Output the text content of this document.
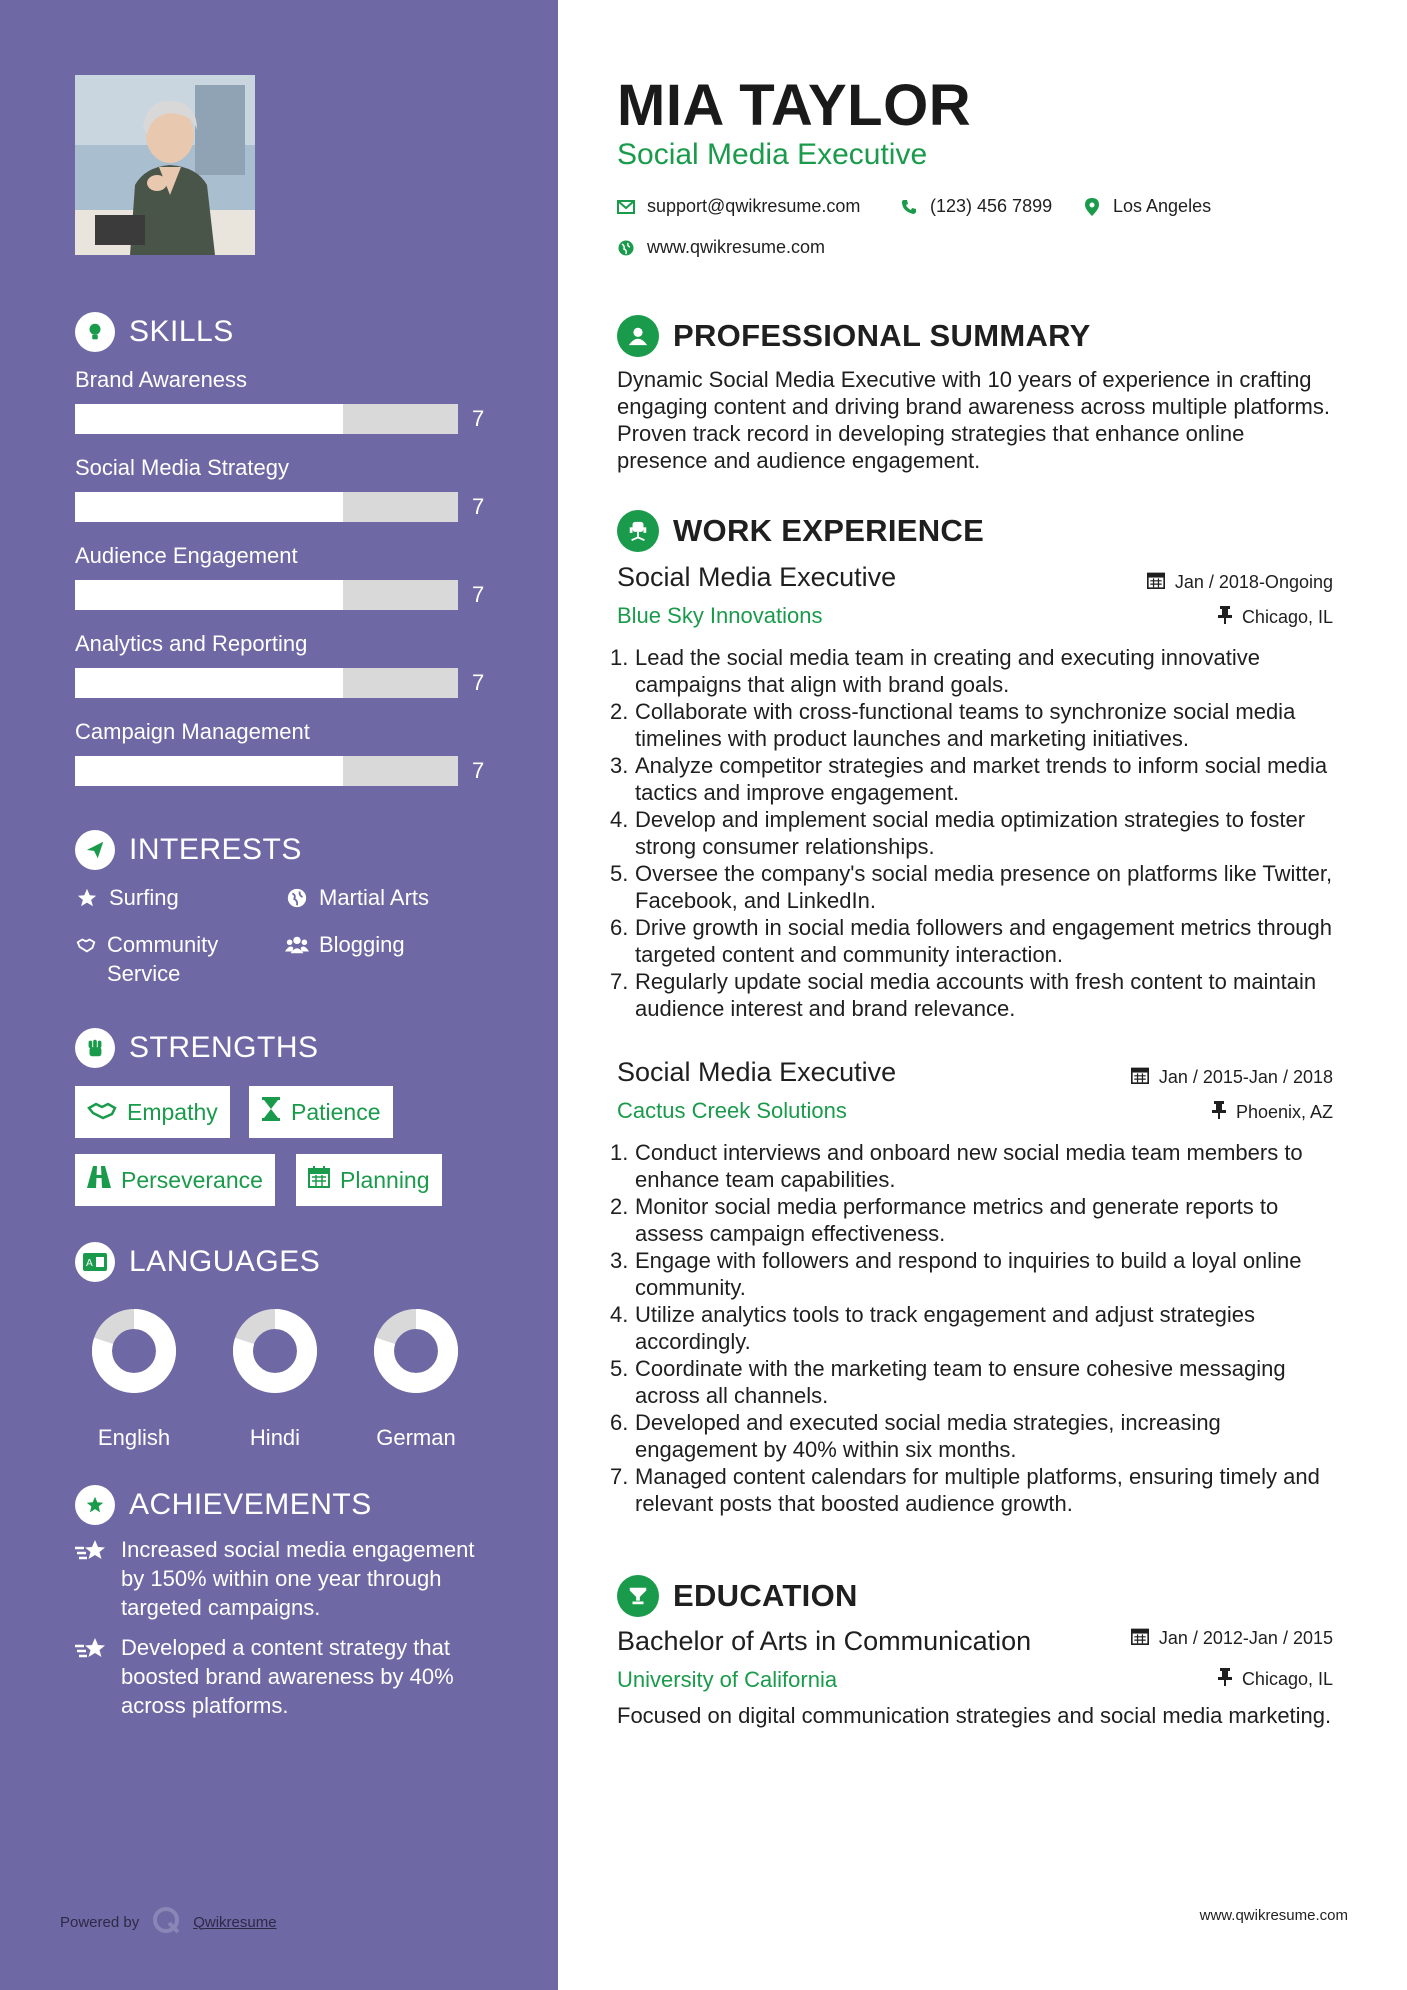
SKILLS
Brand Awareness
7
Social Media Strategy
7
Audience Engagement
7
Analytics and Reporting
7
Campaign Management
7
INTERESTS
Surfing	Martial Arts
Community Service
Blogging
STRENGTHS
Empathy	Patience
Perseverance	Planning
A LANGUAGES
English	Hindi	German
ACHIEVEMENTS
Increased social media engagement by 150% within one year through targeted campaigns.
Developed a content strategy that boosted brand awareness by 40% across platforms.
Powered by	Qwikresume
MIA TAYLOR
Social Media Executive
support@qwikresume.com	(123) 456 7899	Los Angeles
www.qwikresume.com
PROFESSIONAL SUMMARY
Dynamic Social Media Executive with 10 years of experience in crafting engaging content and driving brand awareness across multiple platforms. Proven track record in developing strategies that enhance online presence and audience engagement.
WORK EXPERIENCE
Social Media Executive	Jan / 2018-Ongoing
Blue Sky Innovations	Chicago, IL
1. Lead the social media team in creating and executing innovative campaigns that align with brand goals.
2. Collaborate with cross-functional teams to synchronize social media timelines with product launches and marketing initiatives.
3. Analyze competitor strategies and market trends to inform social media tactics and improve engagement.
4. Develop and implement social media optimization strategies to foster strong consumer relationships.
5. Oversee the company's social media presence on platforms like Twitter, Facebook, and LinkedIn.
6. Drive growth in social media followers and engagement metrics through targeted content and community interaction.
7. Regularly update social media accounts with fresh content to maintain audience interest and brand relevance.
Social Media Executive	Jan / 2015-Jan / 2018
Cactus Creek Solutions	Phoenix, AZ
1. Conduct interviews and onboard new social media team members to enhance team capabilities.
2. Monitor social media performance metrics and generate reports to assess campaign effectiveness.
3. Engage with followers and respond to inquiries to build a loyal online community.
4. Utilize analytics tools to track engagement and adjust strategies accordingly.
5. Coordinate with the marketing team to ensure cohesive messaging across all channels.
6. Developed and executed social media strategies, increasing engagement by 40% within six months.
7. Managed content calendars for multiple platforms, ensuring timely and relevant posts that boosted audience growth.
EDUCATION
Bachelor of Arts in Communication	Jan / 2012-Jan / 2015
University of California	Chicago, IL
Focused on digital communication strategies and social media marketing.
www.qwikresume.com
